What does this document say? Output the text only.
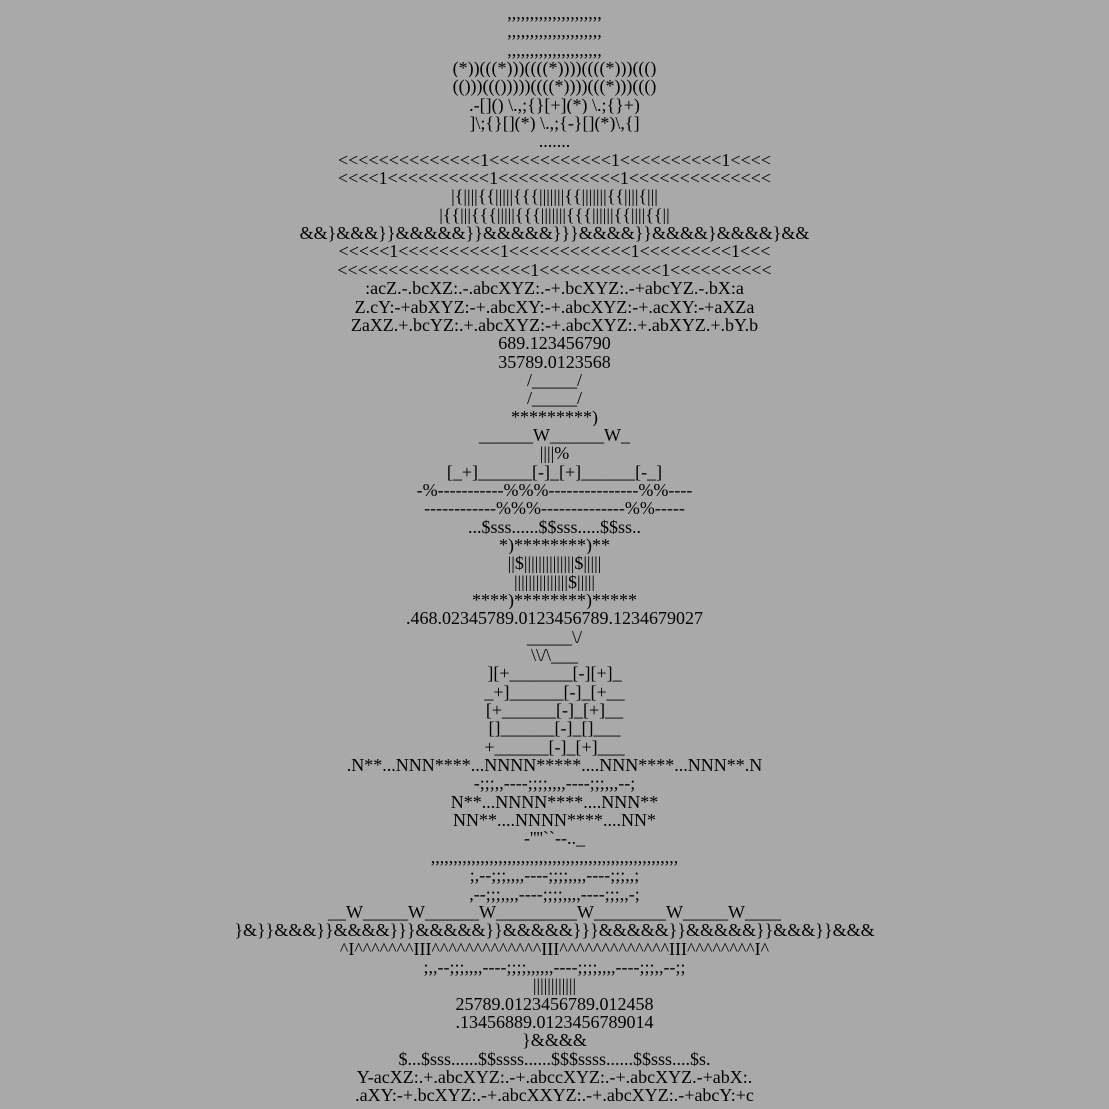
,,,,,,,,,,,,,,,,,,,,,
,,,,,,,,,,,,,,,,,,,,,
,,,,,,,,,,,,,,,,,,,,,
(*))(((*)))((((*))))((((*)))((()
(()))((()))))((((*))))(((*)))((()
.-[]() \.,;{}[+](*) \.;{}+)
]\;{}[](*) \.,;{-}[](*)\,{]
.......
<<<<<<<<<<<<<<1<<<<<<<<<<<<1<<<<<<<<<<1<<<<
<<<<1<<<<<<<<<<1<<<<<<<<<<<<1<<<<<<<<<<<<<<
|{||||{{|||||{{{|||||||{{|||||||{{||||{|||
|{{|||{{{|||||{{{|||||||{{{||||||{{||||{{||
&&}&&&}}&&&&&}}&&&&&}}}&&&&}}&&&&}&&&&}&&
<<<<<1<<<<<<<<<<1<<<<<<<<<<<<1<<<<<<<<<1<<<
<<<<<<<<<<<<<<<<<<<1<<<<<<<<<<<<1<<<<<<<<<<
:acZ.-.bcXZ:.-.abcXYZ:.-+.bcXYZ:.-+abcYZ.-.bX:a
Z.cY:-+abXYZ:-+.abcXY:-+.abcXYZ:-+.acXY:-+aXZa
ZaXZ.+.bcYZ:.+.abcXYZ:-+.abcXYZ:.+.abXYZ.+.bY.b
689.123456790
35789.0123568
/_____/
/_____/
*********)
______W______W_
||||%
[_+]______[-]_[+]______[-_]
-%-----------%%%---------------%%----
------------%%%--------------%%-----
...$sss......$$sss.....$$ss..
*)********)**
||$||||||||||||||$|||||
|||||||||||||||$|||||
****)********)*****
.468.02345789.0123456789.1234679027
_____\/
\\/\___
][+_______[-][+]_
_+]______[-]_[+__
[+______[-]_[+]__
[]______[-]_[]___
+______[-]_[+]___
.N**...NNN****...NNNN*****....NNN****...NNN**.N
-;;;,,----;;;;,,,,----;;;,,,--;
N**...NNNN****....NNN**
NN**....NNNN****....NN*
-''''``--.._
,,,,,,,,,,,,,,,,,,,,,,,,,,,,,,,,,,,,,,,,,,,,,,,,,,,,,,,
;,--;;;,,,,----;;;;,,,,----;;;,,;
,--;;;,,,,----;;;;,,,,----;;;,,-;
__W_____W______W_________W________W_____W____
}&}}&&&}}&&&&}}}&&&&&}}&&&&&}}}&&&&&}}&&&&&}}&&&}}&&&
^I^^^^^^^III^^^^^^^^^^^^^III^^^^^^^^^^^^^III^^^^^^^^I^
;,,--;;;,,,,----;;;;,,,,,,----;;;;,,,,----;;;,,--;;
||||||||||||
25789.0123456789.012458
.13456889.0123456789014
}&&&&
$...$sss......$$ssss......$$$ssss......$$sss....$s.
Y-acXZ:.+.abcXYZ:.-+.abccXYZ:.-+.abcXYZ.-+abX:.
.aXY:-+.bcXYZ:.-+.abcXXYZ:.-+.abcXYZ:.-+abcY:+c
